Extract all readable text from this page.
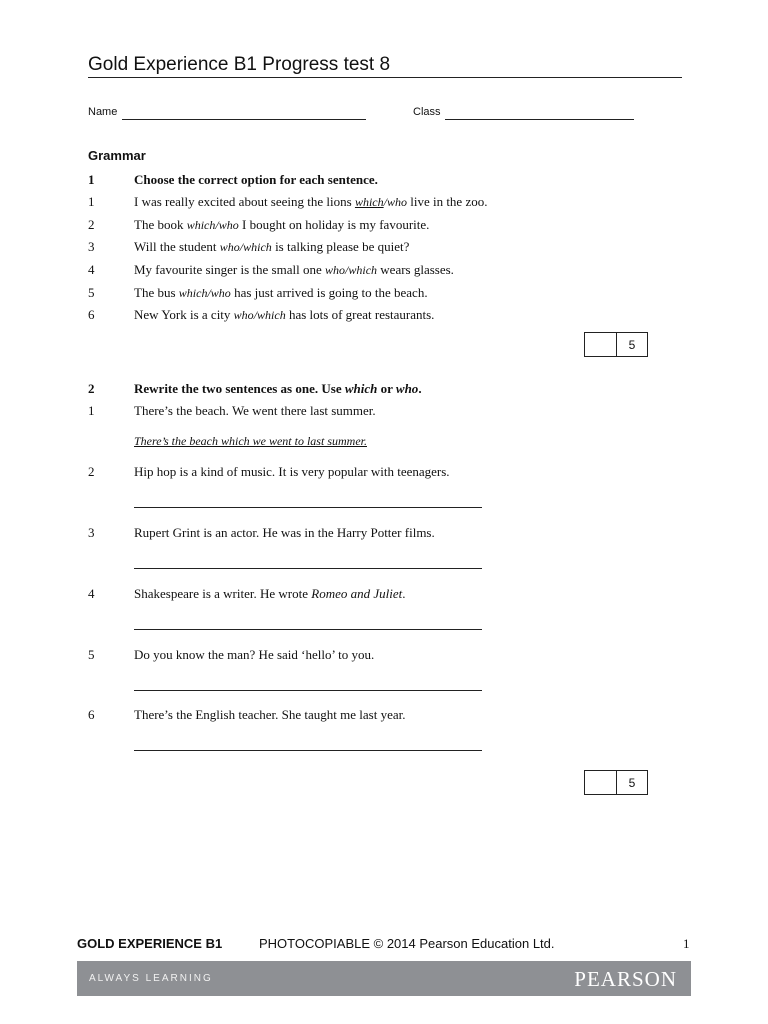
Gold Experience B1 Progress test 8
Name	Class
Grammar
1	Choose the correct option for each sentence.
1	I was really excited about seeing the lions which/who live in the zoo.
2	The book which/who I bought on holiday is my favourite.
3	Will the student who/which is talking please be quiet?
4	My favourite singer is the small one who/which wears glasses.
5	The bus which/who has just arrived is going to the beach.
6	New York is a city who/which has lots of great restaurants.
5
2	Rewrite the two sentences as one. Use which or who.
1	There’s the beach. We went there last summer.
There’s the beach which we went to last summer.
2	Hip hop is a kind of music. It is very popular with teenagers.
3	Rupert Grint is an actor. He was in the Harry Potter films.
4	Shakespeare is a writer. He wrote Romeo and Juliet.
5	Do you know the man? He said ‘hello’ to you.
6	There’s the English teacher. She taught me last year.
5
GOLD EXPERIENCE B1	PHOTOCOPIABLE © 2014 Pearson Education Ltd.	1
ALWAYS LEARNING	PEARSON
